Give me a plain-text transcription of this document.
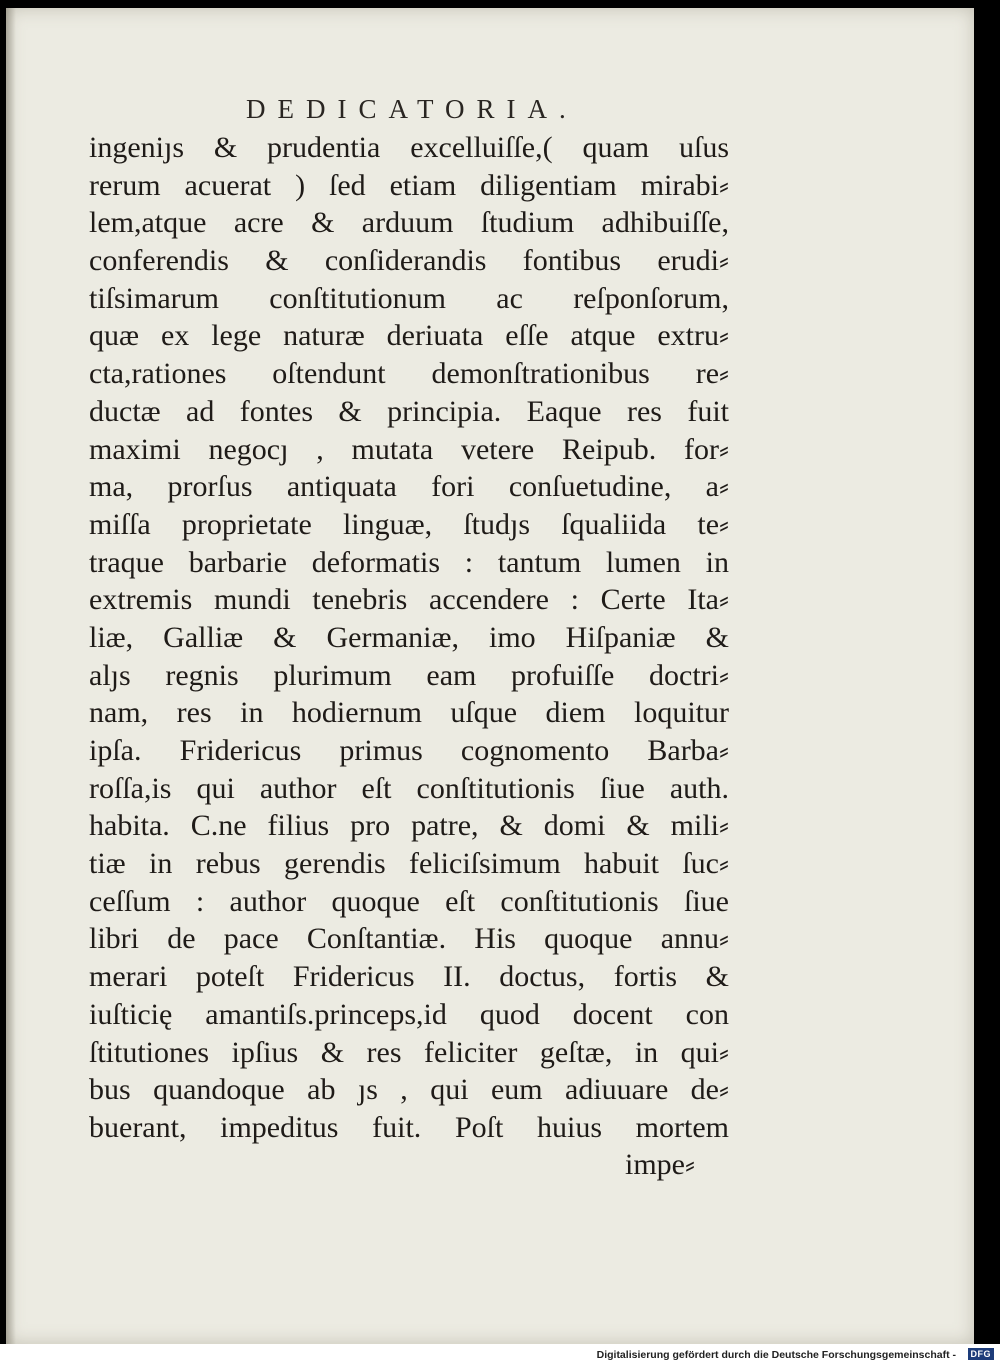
DEDICATORIA.
ingeniȷs & prudentia excelluiſſe,( quam uſus
rerum acuerat ) ſed etiam diligentiam mirabi⸗
lem,atque acre & arduum ſtudium adhibuiſſe,
conferendis & conſiderandis fontibus erudi⸗
tiſsimarum conſtitutionum ac reſponſorum,
quæ ex lege naturæ deriuata eſſe atque extru⸗
cta,rationes oſtendunt demonſtrationibus re⸗
ductæ ad fontes & principia. Eaque res fuit
maximi negocȷ , mutata vetere Reipub. for⸗
ma, prorſus antiquata fori conſuetudine, a⸗
miſſa proprietate linguæ, ſtudȷs ſqualiida te⸗
traque barbarie deformatis : tantum lumen in
extremis mundi tenebris accendere : Certe Ita⸗
liæ, Galliæ & Germaniæ, imo Hiſpaniæ &
alȷs regnis plurimum eam profuiſſe doctri⸗
nam, res in hodiernum uſque diem loquitur
ipſa. Fridericus primus cognomento Barba⸗
roſſa,is qui author eſt conſtitutionis ſiue auth.
habita. C.ne filius pro patre, & domi & mili⸗
tiæ in rebus gerendis feliciſsimum habuit ſuc⸗
ceſſum : author quoque eſt conſtitutionis ſiue
libri de pace Conſtantiæ. His quoque annu⸗
merari poteſt Fridericus II. doctus, fortis &
iuſticię amantiſs.princeps,id quod docent con
ſtitutiones ipſius & res feliciter geſtæ, in qui⸗
bus quandoque ab ȷs , qui eum adiuuare de⸗
buerant, impeditus fuit. Poſt huius mortem
impe⸗
Digitalisierung gefördert durch die Deutsche Forschungsgemeinschaft -	DFG
